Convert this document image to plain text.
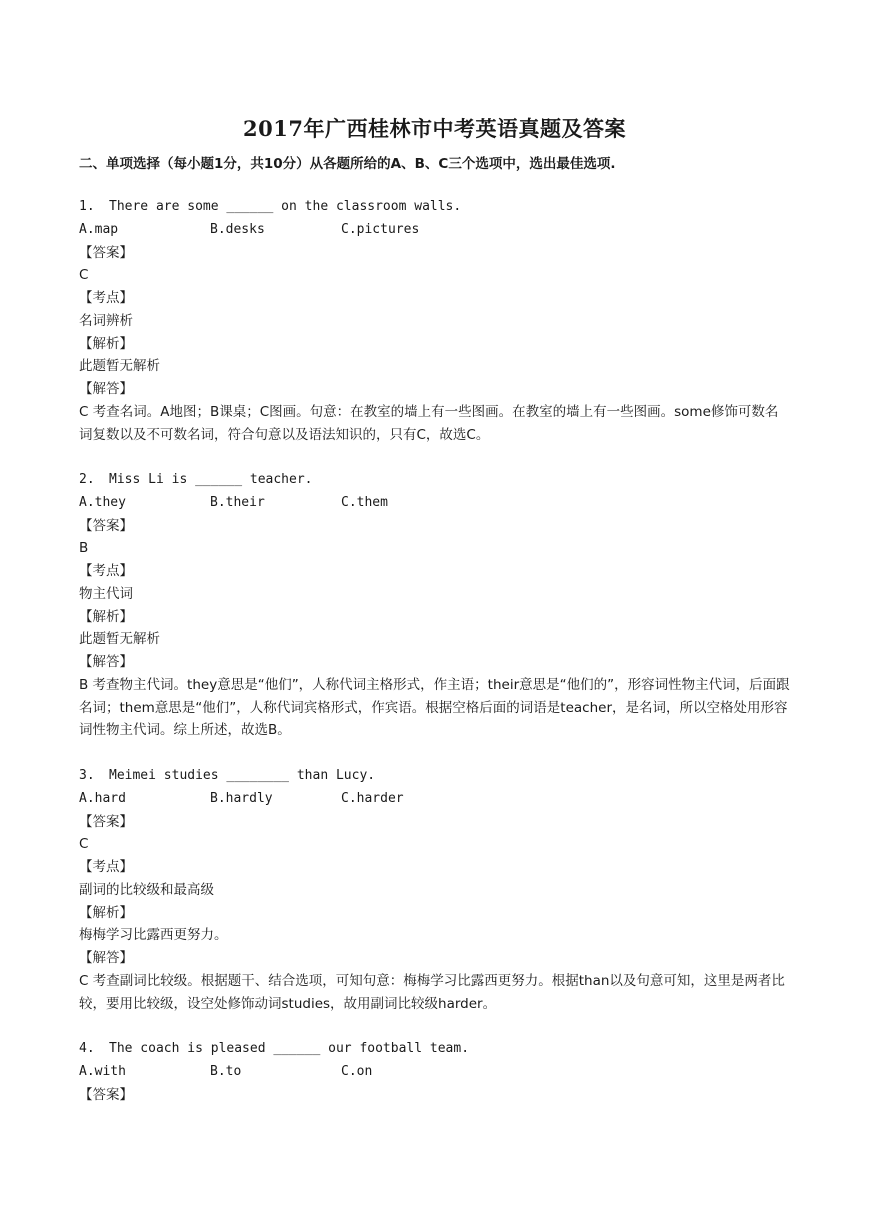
2017年广西桂林市中考英语真题及答案

二、单项选择（每小题1分，共10分）从各题所给的A、B、C三个选项中，选出最佳选项.

1. There are some ______ on the classroom walls.
A.map	B.desks	C.pictures
【答案】
C
【考点】
名词辨析
【解析】
此题暂无解析
【解答】
C 考查名词。A地图；B课桌；C图画。句意：在教室的墙上有一些图画。在教室的墙上有一些图画。some修饰可数名词复数以及不可数名词，符合句意以及语法知识的，只有C，故选C。
2. Miss Li is ______ teacher.
A.they	B.their	C.them
【答案】
B
【考点】
物主代词
【解析】
此题暂无解析
【解答】
B 考查物主代词。they意思是“他们”，人称代词主格形式，作主语；their意思是“他们的”，形容词性物主代词，后面跟名词；them意思是“他们”，人称代词宾格形式，作宾语。根据空格后面的词语是teacher，是名词，所以空格处用形容词性物主代词。综上所述，故选B。
3. Meimei studies ________ than Lucy.
A.hard	B.hardly	C.harder
【答案】
C
【考点】
副词的比较级和最高级
【解析】
梅梅学习比露西更努力。
【解答】
C 考查副词比较级。根据题干、结合选项，可知句意：梅梅学习比露西更努力。根据than以及句意可知，这里是两者比较，要用比较级，设空处修饰动词studies，故用副词比较级harder。
4. The coach is pleased ______ our football team.
A.with	B.to	C.on
【答案】
